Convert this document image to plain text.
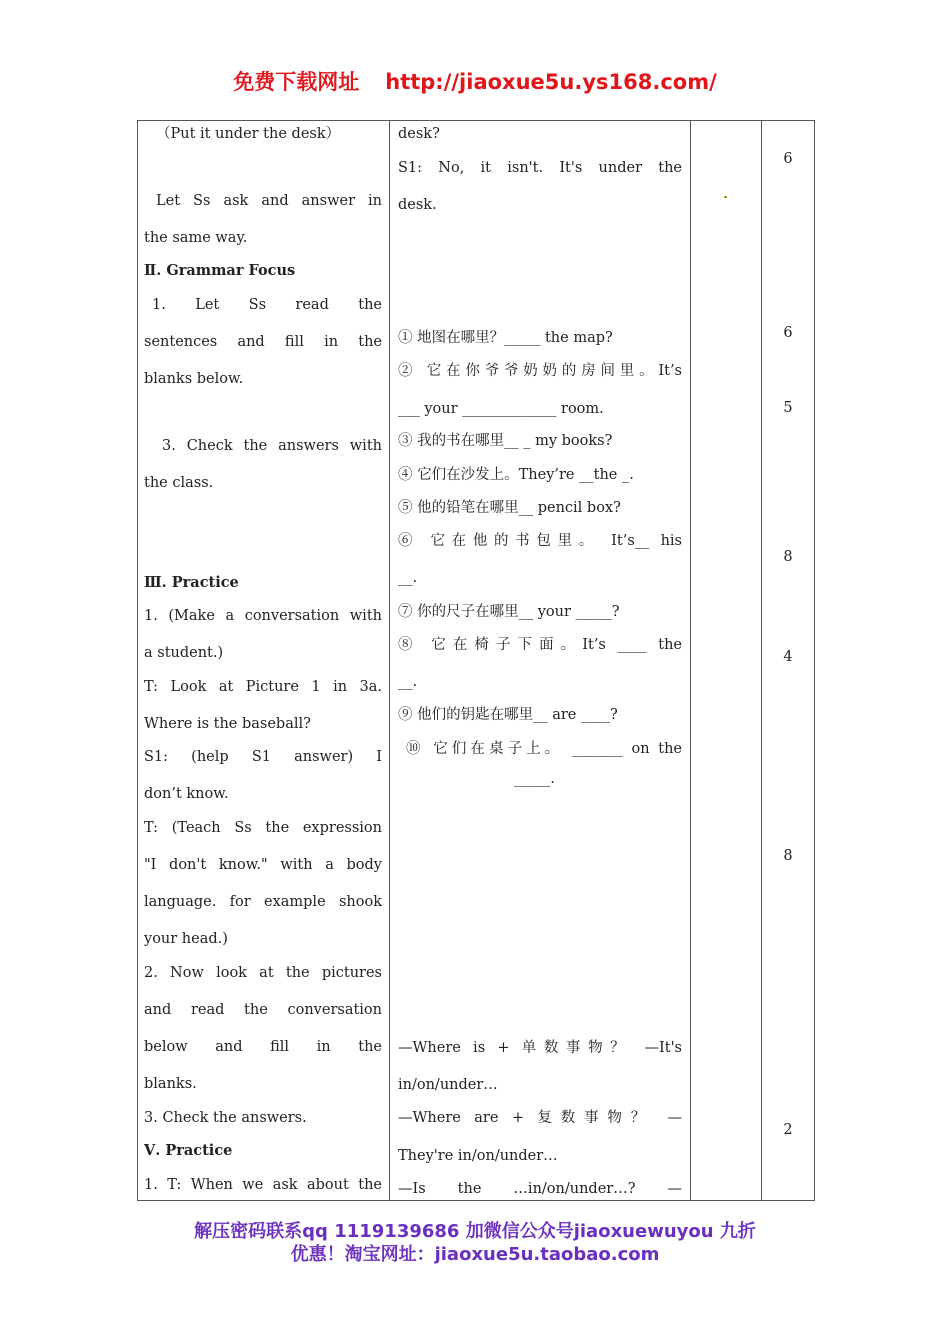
免费下载网址 http://jiaoxue5u.ys168.com/
（Put it under the desk）
Let Ss ask and answer in
the same way.
Ⅱ. Grammar Focus
1. Let Ss read the
sentences and fill in the
blanks below.
3. Check the answers with
the class.
Ⅲ. Practice
1. (Make a conversation with
a student.)
T: Look at Picture 1 in 3a.
Where is the baseball?
S1: (help S1 answer) I
don’t know.
T: (Teach Ss the expression
"I don't know." with a body
language. for example shook
your head.)
2. Now look at the pictures
and read the conversation
below and fill in the
blanks.
3. Check the answers.
Ⅴ. Practice
1. T: When we ask about the
desk?
S1: No, it isn't. It's under the
desk.
① 地图在哪里？_____ the map?
② 它在你爷爷奶奶的房间里。It’s
___ your _____________ room.
③ 我的书在哪里__ _ my books?
④ 它们在沙发上。They’re __the _.
⑤ 他的铅笔在哪里__ pencil box?
⑥ 它在他的书包里。 It’s__ his
__.
⑦ 你的尺子在哪里__ your _____?
⑧ 它在椅子下面。It’s ____ the
__.
⑨ 他们的钥匙在哪里__ are ____?
⑩ 它们在桌子上。 _______ on the
_____.
—Where is + 单数事物？ —It's
in/on/under…
—Where are + 复数事物？ —
They're in/on/under…
—Is the …in/on/under…? —
6
6
5
8
4
8
2
解压密码联系qq 1119139686 加微信公众号jiaoxuewuyou 九折
优惠！淘宝网址：jiaoxue5u.taobao.com
